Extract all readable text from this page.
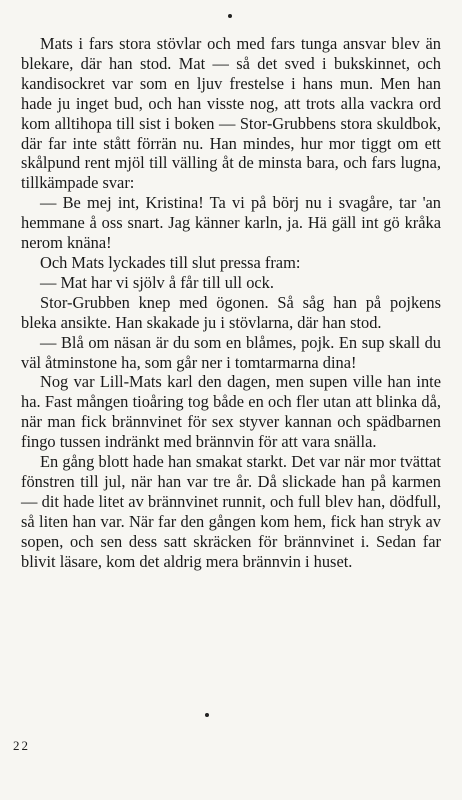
Mats i fars stora stövlar och med fars tunga ansvar blev än blekare, där han stod. Mat — så det sved i bukskinnet, och kandisockret var som en ljuv frestelse i hans mun. Men han hade ju inget bud, och han visste nog, att trots alla vackra ord kom alltihopa till sist i boken — Stor-Grubbens stora skuldbok, där far inte stått förrän nu. Han mindes, hur mor tiggt om ett skålpund rent mjöl till välling åt de minsta bara, och fars lugna, tillkämpade svar:

— Be mej int, Kristina! Ta vi på börj nu i svagåre, tar 'an hemmane å oss snart. Jag känner karln, ja. Hä gäll int gö kråka nerom knäna!

Och Mats lyckades till slut pressa fram:

— Mat har vi sjölv å får till ull ock.

Stor-Grubben knep med ögonen. Så såg han på pojkens bleka ansikte. Han skakade ju i stövlarna, där han stod.

— Blå om näsan är du som en blåmes, pojk. En sup skall du väl åtminstone ha, som går ner i tomtarmarna dina!

Nog var Lill-Mats karl den dagen, men supen ville han inte ha. Fast mången tioåring tog både en och fler utan att blinka då, när man fick brännvinet för sex styver kannan och spädbarnen fingo tussen indränkt med brännvin för att vara snälla.

En gång blott hade han smakat starkt. Det var när mor tvättat fönstren till jul, när han var tre år. Då slickade han på karmen — dit hade litet av brännvinet runnit, och full blev han, dödfull, så liten han var. När far den gången kom hem, fick han stryk av sopen, och sen dess satt skräcken för brännvinet i. Sedan far blivit läsare, kom det aldrig mera brännvin i huset.

22
